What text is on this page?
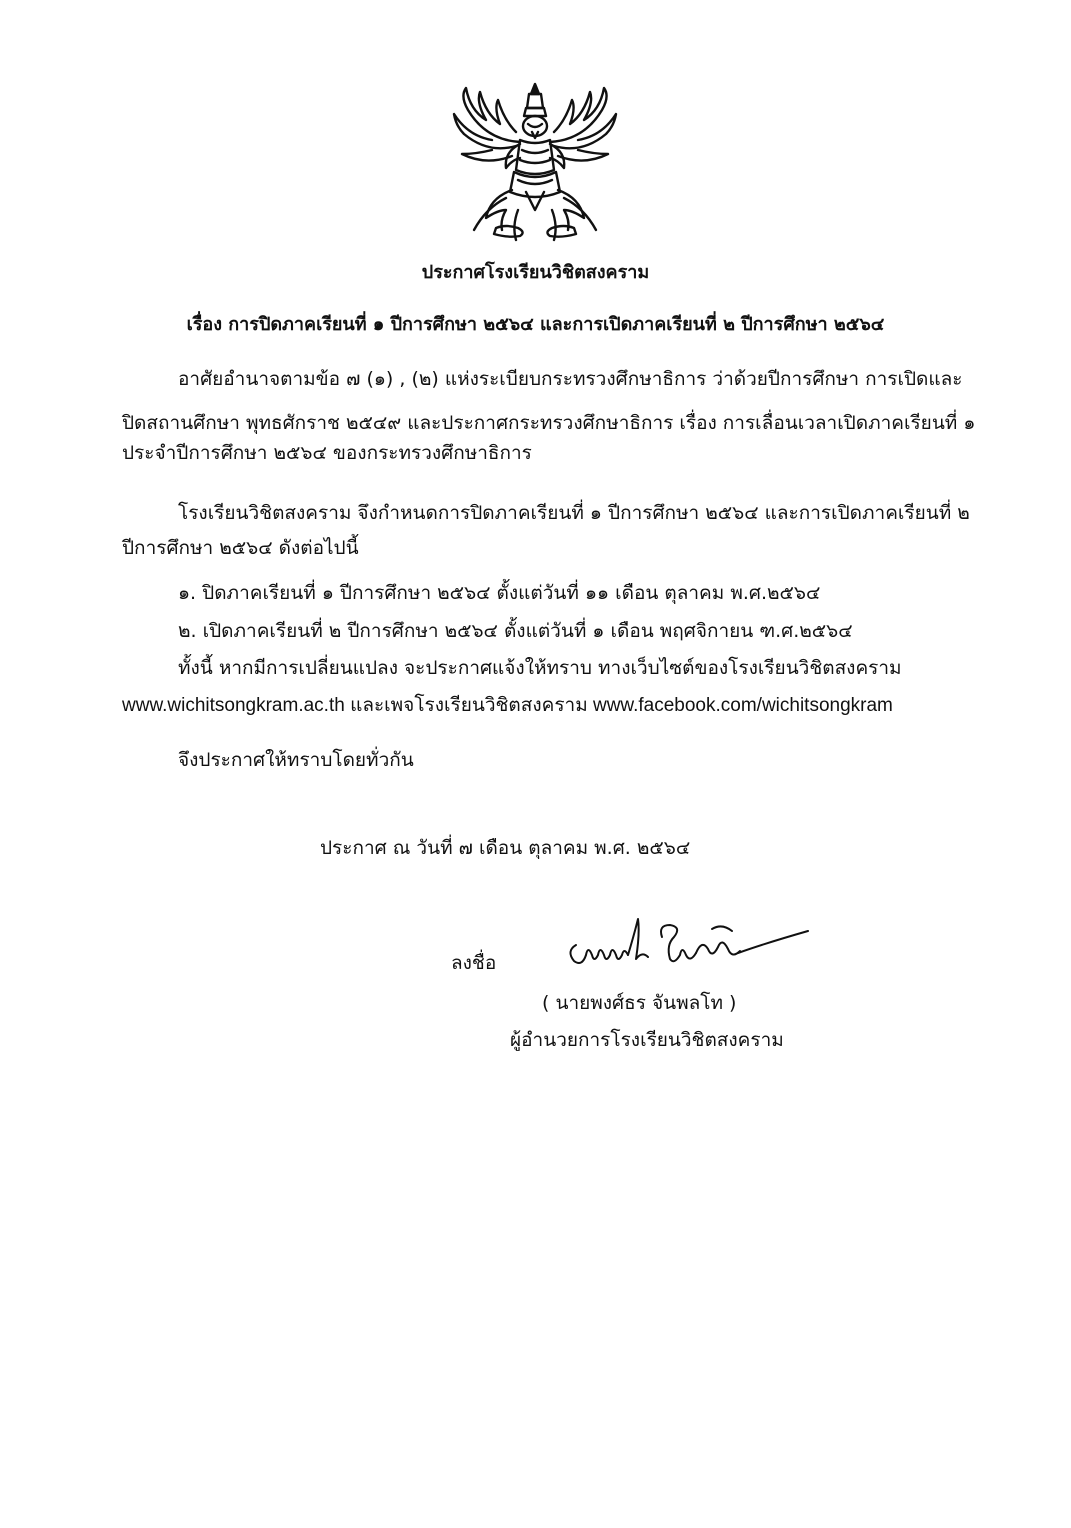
ประกาศโรงเรียนวิชิตสงคราม
เรื่อง การปิดภาคเรียนที่ ๑ ปีการศึกษา ๒๕๖๔ และการเปิดภาคเรียนที่ ๒ ปีการศึกษา ๒๕๖๔
อาศัยอำนาจตามข้อ ๗ (๑) , (๒) แห่งระเบียบกระทรวงศึกษาธิการ ว่าด้วยปีการศึกษา การเปิดและ
ปิดสถานศึกษา พุทธศักราช ๒๕๔๙ และประกาศกระทรวงศึกษาธิการ เรื่อง การเลื่อนเวลาเปิดภาคเรียนที่ ๑
ประจำปีการศึกษา ๒๕๖๔ ของกระทรวงศึกษาธิการ
โรงเรียนวิชิตสงคราม จึงกำหนดการปิดภาคเรียนที่ ๑ ปีการศึกษา ๒๕๖๔ และการเปิดภาคเรียนที่ ๒
ปีการศึกษา ๒๕๖๔ ดังต่อไปนี้
๑. ปิดภาคเรียนที่ ๑ ปีการศึกษา ๒๕๖๔ ตั้งแต่วันที่ ๑๑ เดือน ตุลาคม พ.ศ.๒๕๖๔
๒. เปิดภาคเรียนที่ ๒ ปีการศึกษา ๒๕๖๔ ตั้งแต่วันที่ ๑ เดือน พฤศจิกายน ฑ.ศ.๒๕๖๔
ทั้งนี้ หากมีการเปลี่ยนแปลง จะประกาศแจ้งให้ทราบ ทางเว็บไซต์ของโรงเรียนวิชิตสงคราม
www.wichitsongkram.ac.th และเพจโรงเรียนวิชิตสงคราม www.facebook.com/wichitsongkram
จึงประกาศให้ทราบโดยทั่วกัน
ประกาศ ณ วันที่ ๗ เดือน ตุลาคม พ.ศ. ๒๕๖๔
ลงชื่อ
( นายพงศ์ธร จันพลโท )
ผู้อำนวยการโรงเรียนวิชิตสงคราม
